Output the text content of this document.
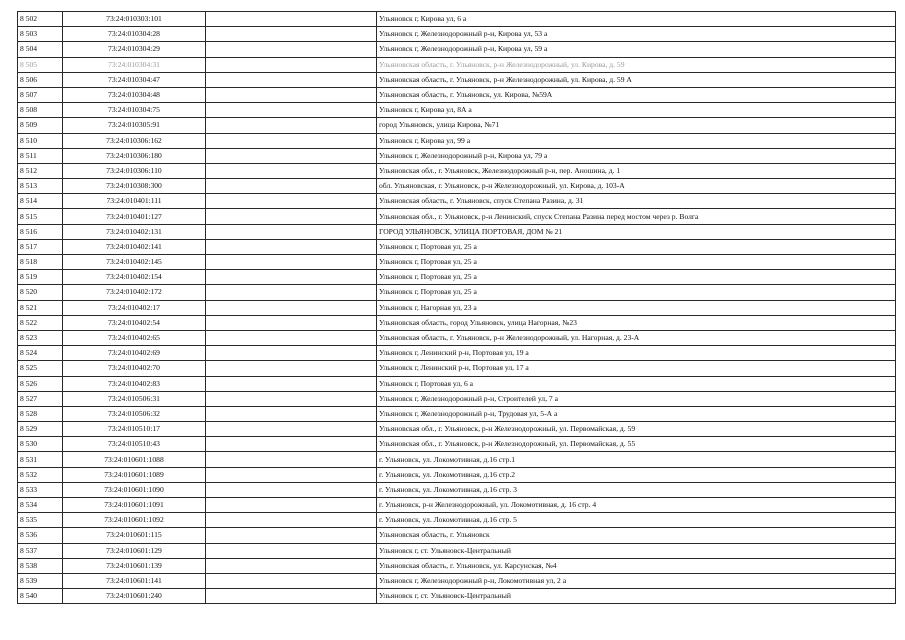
8 502	73:24:010303:101		Ульяновск г, Кирова ул, 6 а
8 503	73:24:010304:28		Ульяновск г, Железнодорожный р-н, Кирова ул, 53 а
8 504	73:24:010304:29		Ульяновск г, Железнодорожный р-н, Кирова ул, 59 а
8 505	73:24:010304:31		Ульяновская область, г. Ульяновск, р-н Железнодорожный, ул. Кирова, д. 59
8 506	73:24:010304:47		Ульяновская область, г. Ульяновск, р-н Железнодорожный, ул. Кирова, д. 59 А
8 507	73:24:010304:48		Ульяновская область, г. Ульяновск, ул. Кирова, №59А
8 508	73:24:010304:75		Ульяновск г, Кирова ул, 8А а
8 509	73:24:010305:91		город Ульяновск, улица Кирова, №71
8 510	73:24:010306:162		Ульяновск г, Кирова ул, 99 а
8 511	73:24:010306:180		Ульяновск г, Железнодорожный р-н, Кирова ул, 79 а
8 512	73:24:010306:110		Ульяновская обл., г. Ульяновск, Железнодорожный р-н, пер. Аношина, д. 1
8 513	73:24:010308:300		обл. Ульяновская, г. Ульяновск, р-н Железнодорожный, ул. Кирова, д. 103-А
8 514	73:24:010401:111		Ульяновская область, г. Ульяновск, спуск Степана Разина, д. 31
8 515	73:24:010401:127		Ульяновская обл., г. Ульяновск, р-н Ленинский, спуск Степана Разина перед мостом через р. Волга
8 516	73:24:010402:131		ГОРОД УЛЬЯНОВСК, УЛИЦА ПОРТОВАЯ, ДОМ № 21
8 517	73:24:010402:141		Ульяновск г, Портовая ул, 25 а
8 518	73:24:010402:145		Ульяновск г, Портовая ул, 25 а
8 519	73:24:010402:154		Ульяновск г, Портовая ул, 25 а
8 520	73:24:010402:172		Ульяновск г, Портовая ул, 25 а
8 521	73:24:010402:17		Ульяновск г, Нагорная ул, 23 а
8 522	73:24:010402:54		Ульяновская область, город Ульяновск, улица Нагорная, №23
8 523	73:24:010402:65		Ульяновская область, г. Ульяновск, р-н Железнодорожный, ул. Нагорная, д. 23-А
8 524	73:24:010402:69		Ульяновск г, Ленинский р-н, Портовая ул, 19 а
8 525	73:24:010402:70		Ульяновск г, Ленинский р-н, Портовая ул, 17 а
8 526	73:24:010402:83		Ульяновск г, Портовая ул, 6 а
8 527	73:24:010506:31		Ульяновск г, Железнодорожный р-н, Строителей ул, 7 а
8 528	73:24:010506:32		Ульяновск г, Железнодорожный р-н, Трудовая ул, 5-А а
8 529	73:24:010510:17		Ульяновская обл., г. Ульяновск, р-н Железнодорожный, ул. Первомайская, д. 59
8 530	73:24:010510:43		Ульяновская обл., г. Ульяновск, р-н Железнодорожный, ул. Первомайская, д. 55
8 531	73:24:010601:1088		г. Ульяновск, ул. Локомотивная, д.16 стр.1
8 532	73:24:010601:1089		г. Ульяновск, ул. Локомотивная, д.16 стр.2
8 533	73:24:010601:1090		г. Ульяновск, ул. Локомотивная, д.16 стр. 3
8 534	73:24:010601:1091		г. Ульяновск, р-н Железнодорожный, ул. Локомотивная, д. 16 стр. 4
8 535	73:24:010601:1092		г. Ульяновск, ул. Локомотивная, д.16 стр. 5
8 536	73:24:010601:115		Ульяновская область, г. Ульяновск
8 537	73:24:010601:129		Ульяновск г, ст. Ульяновск-Центральный
8 538	73:24:010601:139		Ульяновская область, г. Ульяновск, ул. Карсунская, №4
8 539	73:24:010601:141		Ульяновск г, Железнодорожный р-н, Локомотивная ул, 2 а
8 540	73:24:010601:240		Ульяновск г, ст. Ульяновск-Центральный
